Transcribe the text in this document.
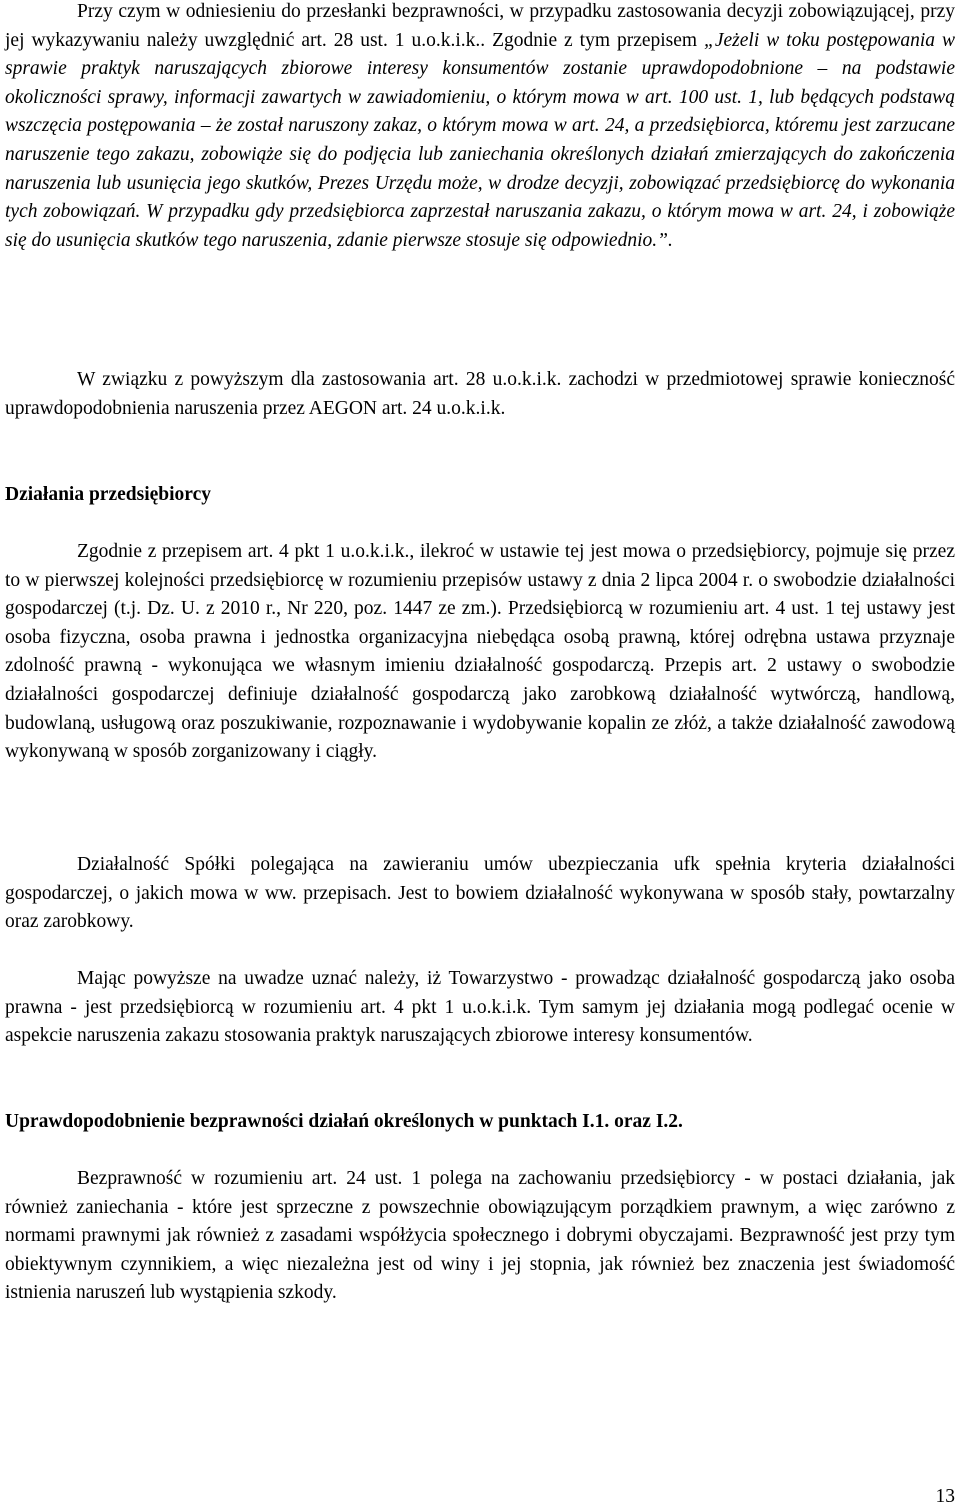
Przy czym w odniesieniu do przesłanki bezprawności, w przypadku zastosowania decyzji zobowiązującej, przy jej wykazywaniu należy uwzględnić art. 28 ust. 1 u.o.k.i.k.. Zgodnie z tym przepisem „Jeżeli w toku postępowania w sprawie praktyk naruszających zbiorowe interesy konsumentów zostanie uprawdopodobnione – na podstawie okoliczności sprawy, informacji zawartych w zawiadomieniu, o którym mowa w art. 100 ust. 1, lub będących podstawą wszczęcia postępowania – że został naruszony zakaz, o którym mowa w art. 24, a przedsiębiorca, któremu jest zarzucane naruszenie tego zakazu, zobowiąże się do podjęcia lub zaniechania określonych działań zmierzających do zakończenia naruszenia lub usunięcia jego skutków, Prezes Urzędu może, w drodze decyzji, zobowiązać przedsiębiorcę do wykonania tych zobowiązań. W przypadku gdy przedsiębiorca zaprzestał naruszania zakazu, o którym mowa w art. 24, i zobowiąże się do usunięcia skutków tego naruszenia, zdanie pierwsze stosuje się odpowiednio.”.

W związku z powyższym dla zastosowania art. 28 u.o.k.i.k. zachodzi w przedmiotowej sprawie konieczność uprawdopodobnienia naruszenia przez AEGON art. 24 u.o.k.i.k.

Działania przedsiębiorcy

Zgodnie z przepisem art. 4 pkt 1 u.o.k.i.k., ilekroć w ustawie tej jest mowa o przedsiębiorcy, pojmuje się przez to w pierwszej kolejności przedsiębiorcę w rozumieniu przepisów ustawy z dnia 2 lipca 2004 r. o swobodzie działalności gospodarczej (t.j. Dz. U. z 2010 r., Nr 220, poz. 1447 ze zm.). Przedsiębiorcą w rozumieniu art. 4 ust. 1 tej ustawy jest osoba fizyczna, osoba prawna i jednostka organizacyjna niebędąca osobą prawną, której odrębna ustawa przyznaje zdolność prawną - wykonująca we własnym imieniu działalność gospodarczą. Przepis art. 2 ustawy o swobodzie działalności gospodarczej definiuje działalność gospodarczą jako zarobkową działalność wytwórczą, handlową, budowlaną, usługową oraz poszukiwanie, rozpoznawanie i wydobywanie kopalin ze złóż, a także działalność zawodową wykonywaną w sposób zorganizowany i ciągły.

Działalność Spółki polegająca na zawieraniu umów ubezpieczania ufk spełnia kryteria działalności gospodarczej, o jakich mowa w ww. przepisach. Jest to bowiem działalność wykonywana w sposób stały, powtarzalny oraz zarobkowy.

Mając powyższe na uwadze uznać należy, iż Towarzystwo - prowadząc działalność gospodarczą jako osoba prawna - jest przedsiębiorcą w rozumieniu art. 4 pkt 1 u.o.k.i.k. Tym samym jej działania mogą podlegać ocenie w aspekcie naruszenia zakazu stosowania praktyk naruszających zbiorowe interesy konsumentów.

Uprawdopodobnienie bezprawności działań określonych w punktach I.1. oraz I.2.

Bezprawność w rozumieniu art. 24 ust. 1 polega na zachowaniu przedsiębiorcy - w postaci działania, jak również zaniechania - które jest sprzeczne z powszechnie obowiązującym porządkiem prawnym, a więc zarówno z normami prawnymi jak również z zasadami współżycia społecznego i dobrymi obyczajami. Bezprawność jest przy tym obiektywnym czynnikiem, a więc niezależna jest od winy i jej stopnia, jak również bez znaczenia jest świadomość istnienia naruszeń lub wystąpienia szkody.

13
